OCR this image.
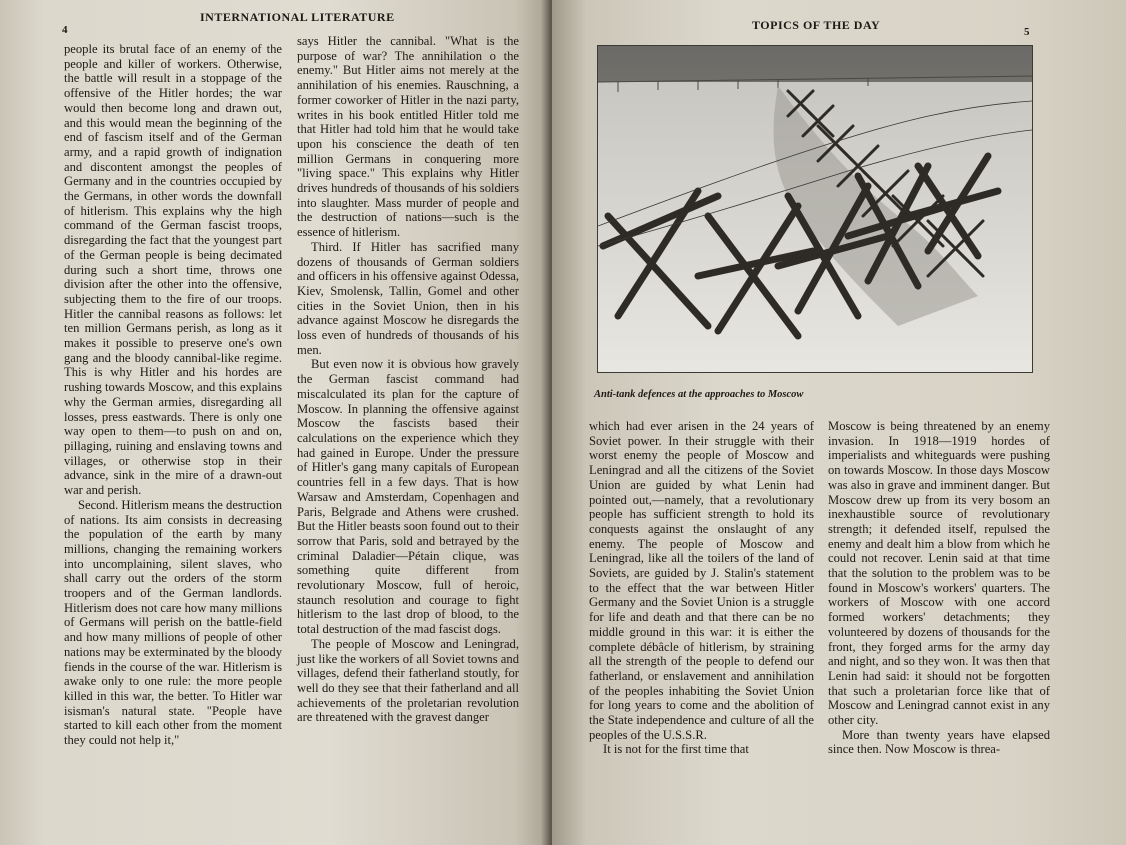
4
INTERNATIONAL LITERATURE

people its brutal face of an enemy of the people and killer of workers. Otherwise, the battle will result in a stoppage of the offensive of the Hitler hordes; the war would then become long and drawn out, and this would mean the beginning of the end of fascism itself and of the German army, and a rapid growth of indignation and discontent amongst the peoples of Germany and in the countries occupied by the Germans, in other words the downfall of hitlerism. This explains why the high command of the German fascist troops, disregarding the fact that the youngest part of the German people is being decimated during such a short time, throws one division after the other into the offensive, subjecting them to the fire of our troops. Hitler the cannibal reasons as follows: let ten million Germans perish, as long as it makes it possible to preserve one's own gang and the bloody cannibal-like regime. This is why Hitler and his hordes are rushing towards Moscow, and this explains why the German armies, disregarding all losses, press eastwards. There is only one way open to them—to push on and on, pillaging, ruining and enslaving towns and villages, or otherwise stop in their advance, sink in the mire of a drawn-out war and perish.

Second. Hitlerism means the destruction of nations. Its aim consists in decreasing the population of the earth by many millions, changing the remaining workers into uncomplaining, silent slaves, who shall carry out the orders of the storm troopers and of the German landlords. Hitlerism does not care how many millions of Germans will perish on the battle-field and how many millions of people of other nations may be exterminated by the bloody fiends in the course of the war. Hitlerism is awake only to one rule: the more people killed in this war, the better. To Hitler war isisman's natural state. "People have started to kill each other from the moment they could not help it,"

says Hitler the cannibal. "What is the purpose of war? The annihilation o the enemy." But Hitler aims not merely at the annihilation of his enemies. Rauschning, a former coworker of Hitler in the nazi party, writes in his book entitled Hitler told me that Hitler had told him that he would take upon his conscience the death of ten million Germans in conquering more "living space." This explains why Hitler drives hundreds of thousands of his soldiers into slaughter. Mass murder of people and the destruction of nations—such is the essence of hitlerism.

Third. If Hitler has sacrified many dozens of thousands of German soldiers and officers in his offensive against Odessa, Kiev, Smolensk, Tallin, Gomel and other cities in the Soviet Union, then in his advance against Moscow he disregards the loss even of hundreds of thousands of his men.

But even now it is obvious how gravely the German fascist command had miscalculated its plan for the capture of Moscow. In planning the offensive against Moscow the fascists based their calculations on the experience which they had gained in Europe. Under the pressure of Hitler's gang many capitals of European countries fell in a few days. That is how Warsaw and Amsterdam, Copenhagen and Paris, Belgrade and Athens were crushed. But the Hitler beasts soon found out to their sorrow that Paris, sold and betrayed by the criminal Daladier—Pétain clique, was something quite different from revolutionary Moscow, full of heroic, staunch resolution and courage to fight hitlerism to the last drop of blood, to the total destruction of the mad fascist dogs.

The people of Moscow and Leningrad, just like the workers of all Soviet towns and villages, defend their fatherland stoutly, for well do they see that their fatherland and all achievements of the proletarian revolution are threatened with the gravest danger

TOPICS OF THE DAY	5
Anti-tank defences at the approaches to Moscow

which had ever arisen in the 24 years of Soviet power. In their struggle with their worst enemy the people of Moscow and Leningrad and all the citizens of the Soviet Union are guided by what Lenin had pointed out,—namely, that a revolutionary people has sufficient strength to hold its conquests against the onslaught of any enemy. The people of Moscow and Leningrad, like all the toilers of the land of Soviets, are guided by J. Stalin's statement to the effect that the war between Hitler Germany and the Soviet Union is a struggle for life and death and that there can be no middle ground in this war: it is either the complete débâcle of hitlerism, by straining all the strength of the people to defend our fatherland, or enslavement and annihilation of the peoples inhabiting the Soviet Union for long years to come and the abolition of the State independence and culture of all the peoples of the U.S.S.R.

It is not for the first time that

Moscow is being threatened by an enemy invasion. In 1918—1919 hordes of imperialists and whiteguards were pushing on towards Moscow. In those days Moscow was also in grave and imminent danger. But Moscow drew up from its very bosom an inexhaustible source of revolutionary strength; it defended itself, repulsed the enemy and dealt him a blow from which he could not recover. Lenin said at that time that the solution to the problem was to be found in Moscow's workers' quarters. The workers of Moscow with one accord formed workers' detachments; they volunteered by dozens of thousands for the front, they forged arms for the army day and night, and so they won. It was then that Lenin had said: it should not be forgotten that such a proletarian force like that of Moscow and Leningrad cannot exist in any other city.

More than twenty years have elapsed since then. Now Moscow is threa-
